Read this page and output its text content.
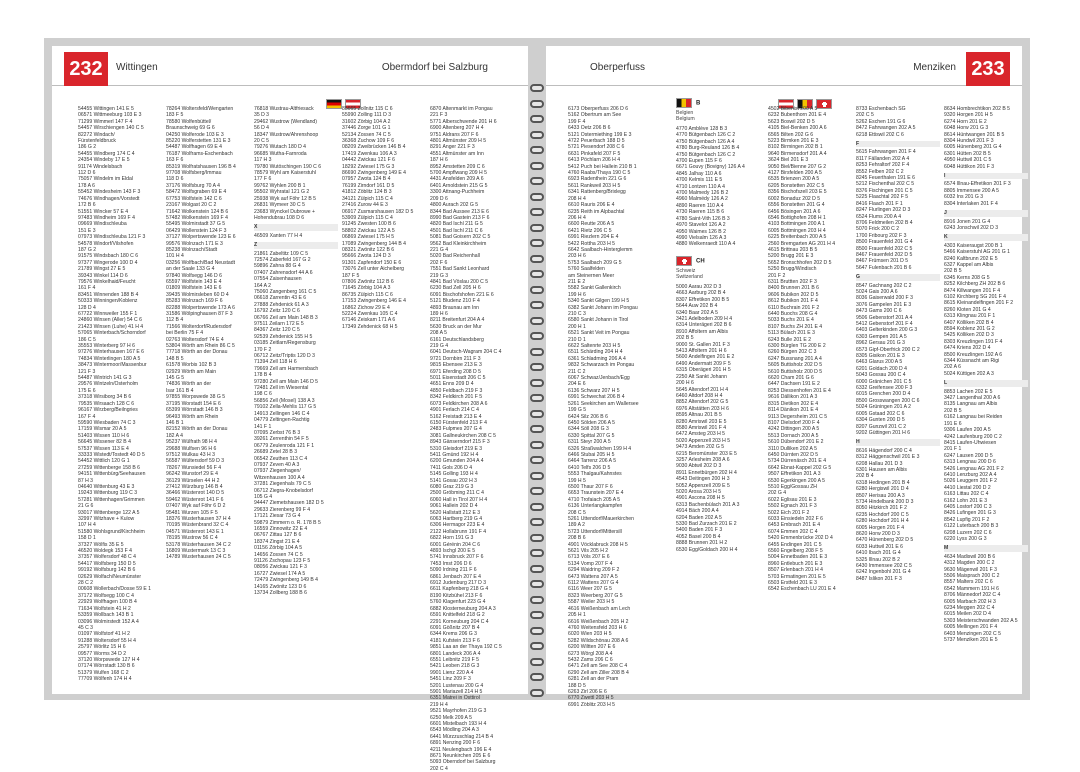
232	Wittingen	Obermdorf bei Salzburg
54455 Wittingen 141 E 5
06571 Wittmeeburg 103 E 3
71299 Wimmerl 147 F 4
54457 Wirschiengen 140 C 5
82272 Windach/
Fürstenfeldbruck
186 G 2
54455 Windberg 174 C 4
24354 Windeby 17 E 5
91174 Windelsbach
112 D 6
75057 Windelm im Eldal
178 A 6
55452 Windesheim 143 F 3
74676 Windhagen/Vorstedt
172 B 6
51551 Wincker 57 E 4
97483 Windheim 169 F 4
09669 Windischleuba
151 E 3
07973 Windischleuba 121 F 3
54578 Windorf/Vilshofen
187 G 2
91575 Windsbach 180 C 6
97377 Wingerode 100 D 4
21789 Wingst 27 E 5
39343 Winkel 114 D 6
79576 Winkelhaid/Feucht
161 F 4
83451 Winnenden 188 B 4
50333 Winningen/Koblenz
128 D 4
67722 Winnweiler 155 F 1
24860 Winsen (Aller) 54 C 6
21423 Winsen (Luhe) 41 H 4
57065 Winterbach/Schorndorf
186 C 5
35553 Winterberg 97 H 6
97276 Winterhausen 167 E 6
74834 Winterlingen 180 A 5
38473 Wintermoor/Massenbur
121 F 3
54487 Wintrich 141 G 3
29576 Wintzeln/Osterholm
175 E 6
37318 Wirsiborg 34 B 6
79535 Wirsaach 128 C 6
96167 Wirzberg/Beilngries
167 F 4
59590 Wiesbaden 74 C 3
17159 Wismar 20 A 5
51403 Wissen 110 H 6
56645 Wissener 82 B 4
57537 Wissen 113 E 4
33333 Wistedt/Tostedt 40 D 5
54452 Wittlich 120 G 1
27259 Wittenberge 158 B 6
94151 Wittenbürg/Seehausen
87 H 3
04640 Wittenburg 43 E 3
19243 Wittenburg 119 C 3
57281 Wittenhagen/Grimmen
21 G 6
93017 Wittenberge 122 A 5
32997 Witzhave + Kulow
107 H 4
51580 Wohlsgrund/Kirchheim
158 D 1
37327 Wölfis 35 E 5
46520 Woldegk 153 F 4
37357 Wolfersdorf 48 C 4
54417 Wolfsberg 150 D 5
99192 Wolfsburg 142 B 6
02629 Wolfach/Neumünster
28 C 2
00608 Wollerbach/Dosse 59 E 1
37172 Wolfsegg 100 C 4
22929 Wolfhagen 100 B 4
71634 Wolfstein 41 H 2
53359 Wollbach 143 B 1
03096 Wolmirstedt 152 A 4
45 C 3
01097 Wolfstorf 41 H 2
91288 Woltersdorf 55 H 4
25797 Wörlitz 15 H 6
09577 Worms 34 D 2
37120 Worpswede 127 H 4
07174 Wörrstadt 130 B 6
51379 Wulfen 168 C 2
77709 Wölfenh 174 H 4
78264 Woltersfeld/Wengarten
183 F 5
78580 Wolfenbüttel/
Braunschweig 69 G 6
04250 Wolferode 103 E 3
85220 Wolferstetten 131 E 3
54487 Wolfhagen 69 E 4
76187 Wolframs-Eschenbach
163 F 6
85319 Wolfratshausen 196 B 4
97708 Wolfsberg/Immau
118 D 6
37176 Wolfsburg 70 A 4
58472 Wolfsgraben 69 E 4
67753 Wolfstein 142 C 6
23167 Wolgast 20 C 2
71642 Wolkenstein 124 B 6
57482 Wolkenstein 169 F 4
55495 Wolmirstadt 37 G 5
06429 Wollenstein 124 F 3
37127 Wolpertswende 123 E 6
99576 Wolnzach 171 E 3
85238 Wolnzach/Stadt
101 H 4
03256 Wolfbach/Bad Neustadt
an der Saale 133 G 4
97840 Wolfsegg 146 D 6
65597 Wolfstein 143 E 4
01809 Wolfstein 143 E 6
39435 Wolmirsleben 60 D 4
85283 Wolnzach 169 F 6
82288 Wolpertswende 173 A 6
31586 Wölpinghausen 87 F 3
112 B 4
71566 Wolterdorf/Rudersdorf
bei Berlin 75 F 4
02763 Woltersdorf 74 E 4
53804 Wörth am Rhein 86 C 5
77718 Wörth an der Donau
148 B 5
61578 Worbis 102 B 3
02929 Wörth am Main
145 G 5
74836 Wörth an der
Isar 161 B 4
97855 Worpswede 38 G 5
37195 Worstadt 154 E 6
65399 Wörrstadt 146 B 3
96493 Wörth am Rhein
146 B 1
82152 Wörth an der Donau
182 A 4
95237 Wülfrath 98 H 4
29688 Wulfsen 96 H 6
97512 Wulkau 43 H 3
56587 Wültersdorf 59 D 3
78267 Wunsiedel 56 F 4
96242 Wunstorf 29 E 4
36129 Würselen 44 H 2
27412 Würzburg 146 B 4
36466 Wüstenrot 140 D 5
59462 Wüstenrot 141 F 6
07407 Wyk auf Föhr 6 D 2
95481 Wurzen 105 F 5
18376 Wusterhausen 37 H 4
70195 Wüstenbrand 32 C 4
04571 Wüstenrot 143 E 1
78195 Wustrow 56 C 4
53178 Wüsterhausen 34 C 2
16809 Wustermark 13 C 3
14789 Wusterhausen 24 C 5
76818 Wustrau-Altfriesack
35 D 3
29462 Wustrow (Wendland)
56 D 4
18347 Wustrow/Ahrenshoop
20 C 5
79276 Wutach 180 D 4
96685 Wutha-Farnroda
117 H 3
79780 Wutöschingen 190 C 6
78579 Wyhl am Kaiserstuhl
177 F 6
99762 Wyhlen 200 B 1
95502 Wyhratal 121 G 2
25938 Wyk auf Föhr 12 B 5
26831 Wymeer 30 C 5
23683 Wynckel Dubrowe +
Hohendubrau 108 D 6
X
46509 Xanten 77 H 4
Z
21861 Zabeltitz 109 C 5
72574 Zaberfeld 167 G 2
59896 Zahna 88 G 4
07407 Zahrensdorf 44 A 6
07554 Zaisenhausen
164 A 2
75060 Zangenberg 161 C 5
06618 Zarrentin 43 E 6
27888 Zehdenick 61 A 3
16792 Zeitz 120 C 6
06766 Zeil am Main 148 B 3
97511 Zeilarn 172 E 5
84367 Zeitz 120 C 5
92539 Zehdenick 155 H 5
03185 Zeitlarn/Regensburg
170 F 2
06712 Zeitz/Triptis 120 D 3
71394 Zell 118 H 6
79669 Zell am Harmersbach
178 B 4
97280 Zell am Main 146 D 5
72481 Zell im Wiesental
198 C 6
56856 Zell (Mosel) 138 A 3
79102 Zella-Mehlis 117 G 5
14913 Zellingen 146 C 4
04779 Zeltingen-Rachtig
141 F 1
07095 Zerbst 76 B 3
39261 Zerrenthin 54 F 5
06779 Zeulenroda 121 F 1
26689 Zetel 28 B 3
06542 Zeuthen 113 C 4
07937 Zeven 40 A 3
07937 Ziegenhagen/
Witzenhausen 100 A 4
37281 Ziegenhals 79 C 5
06712 Ziegra-Knobelsdorf
105 G 4
94447 Ziemetshausen 182 D 5
29633 Zierenberg 99 F 4
17121 Ziesar 73 G 4
59879 Zimmern o. R. 178 B 5
16559 Zinnowitz 22 E 4
06767 Zittau 127 B 6
18374 Zingst 21 E 4
01156 Zörbig 104 A 5
14656 Zossen 74 C 5
91126 Zschopau 123 F 5
08056 Zwickau 121 F 3
16727 Zwiesel 174 A 5
72479 Zwingenberg 149 B 4
14165 Zwönitz 123 D 6
13734 Zollberg 188 B 6
85665 Zollnitz 115 C 6
55990 Zolling 111 D 3
31602 Zörbig 104 A 2
37446 Zorge 101 G 1
52134 Zossen 74 C 5
36368 Zuchow 109 F 6
08209 Zweibrücken 146 B 4
17419 Zwenkau 106 A 3
04442 Zwickau 121 F 6
18292 Zwiesel 175 G 3
86690 Zwingenberg 149 E 4
07957 Zwota 124 B 4
76199 Zirndorf 161 D 5
41812 Zöblitz 124 B 3
34121 Zülpich 115 C 4
27416 Zurow 44 E 3
06917 Zusmarshausen 182 D 5
53909 Zülpich 115 C 4
91245 Zwesten 100 B 6
58802 Zwickau 122 A 5
06869 Zwiesel 175 H 5
17089 Zwingenberg 144 B 4
08321 Zwönitz 122 B 6
95666 Zwota 124 D 3
91301 Zapfendorf 150 E 6
73076 Zell unter Aichelberg
187 F 5
07806 Zwönitz 112 B 6
71645 Zörbig 104 A 3
86735 Zülpich 115 C 6
17153 Zwingenberg 146 E 4
16862 Zichow 29 E 4
52224 Zwenkau 105 C 4
67146 Zeiskam 171 A 6
17349 Zehdenick 68 H 5
6870 Altenmarkt im Pongau
221 F 3
5771 Alberschwende 201 H 6
6900 Altenberg 207 H 4
9751 Aldrans 207 F 6
4801 Altmünster 209 H 5
8291 Anger 221 F 3
4551 Altmünster am Inn
187 H 6
8952 Amstetten 209 C 6
5700 Ampflwang 209 H 5
4431 Ansfelden 209 A 6
6401 Arnoldstein 215 G 5
3300 Attnang-Puchheim
209 D 6
4800 Aurach 202 G 5
8344 Bad Aussee 213 E 6
8990 Bad Gastein 213 F 6
4820 Bad Ischl 211 G 5
4501 Bad Ischl 211 C 6
5081 Bad Goisern 202 C 5
9562 Bad Kleinkirchheim
221 G 4
5020 Bad Reichenhall
202 F 6
7551 Bad Sankt Leonhard
219 G 3
4841 Bad Vöslau 200 C 5
6230 Bad Zell 205 H 6
6091 Bischofshofen 221 E 6
5121 Bludenz 210 F 4
4893 Braunau am Inn
189 H 6
8211 Breitenfurt 204 A 4
5630 Bruck an der Mur
208 A 5
6161 Deutschlandsberg
219 G 4
6041 Deutsch-Wagram 204 C 4
9721 Dornbirn 211 F 3
9815 Ebensee 213 E 3
6971 Eferding 208 D 5
5011 Eisenstadt 206 C 5
4651 Enns 209 D 4
4850 Feldbach 219 F 3
8342 Feldkirch 201 F 5
6073 Feldkirchen 208 A 6
4901 Ferlach 214 C 4
5162 Freistadt 213 E 4
6150 Fürstenfeld 213 F 4
2483 Fulpmes 207 G 4
3081 Gallneukirchen 208 C 5
8943 Gänserndorf 215 F 3
5310 Gleisdorf 219 E 3
5411 Gmünd 192 H 4
6200 Gmunden 204 A 4
7411 Gols 206 D 4
5145 Golling 193 H 4
5141 Gosau 202 H 3
6080 Graz 219 G 3
2500 Gröbming 211 C 4
6060 Hall in Tirol 207 H 4
9061 Hallein 202 D 4
5620 Hallstatt 212 E 3
6063 Hartberg 219 G 4
6306 Hermagor 223 E 4
2122 Hollabrunn 191 F 4
6822 Horn 191 G 3
6001 Gérénin 204 C 6
4893 Ischgl 200 E 5
5741 Innsbruck 207 F 6
7453 Imst 206 D 6
5090 Irdning 211 F 6
6861 Jenbach 207 E 4
6912 Judenburg 217 D 3
6611 Kapfenberg 218 G 4
8190 Kitzbühel 213 F 6
5760 Klagenfurt 223 G 4
6882 Klosterneuburg 204 A 3
6591 Knittelfeld 218 G 2
2291 Korneuburg 204 C 4
6091 Gößnitz 207 B 4
6344 Krems 206 G 3
4181 Kufstein 213 F 6
9851 Laa an der Thaya 192 C 5
6801 Landeck 206 A 4
6551 Leibnitz 219 F 5
5421 Leoben 218 G 3
9901 Lienz 220 A 4
5451 Linz 209 F 3
5201 Lustenau 200 G 4
5901 Mariazell 214 H 5
6351 Matrei in Osttirol
219 H 4
9521 Mayrhofen 219 G 3
6250 Melk 209 A 5
6601 Mistelbach 193 H 4
6543 Mödling 204 A 3
6441 Mürzzuschlag 214 B 4
6891 Nenzing 200 F 6
4211 Neulengbach 196 E 4
8671 Neunkirchen 205 E 6
5093 Oberndorf bei Salzburg
202 C 4
Oberperfuss	Menziken 233
6173 Oberperfuss 206 D 6
5162 Obertrum am See
199 F 4
6433 Oetz 206 B 6
5121 Ostermiething 199 E 3
4722 Peuerbach 188 D 5
5721 Piesendorf 208 C 6
6631 Pinkafeld 207 F 5
6413 Pöchlarn 206 H 4
5412 Puch bei Hallein 210 B 1
4760 Raabs/Thaya 190 C 5
6923 Radenthein 221 G 6
5611 Rankweil 203 H 5
6341 Rattenberg/Brixlegg
208 H 4
6610 Rauris 206 E 4
6235 Reith im Alpbachtal
206 H 4
6600 Reutte 206 A 5
6421 Rietz 206 C 5
6991 Riezlern 204 E 4
5422 Rottha 203 H 5
6642 Saalbach-Hinterglemm
203 H 6
5753 Saalbach 209 G 5
5760 Saalfelden
am Steinernen Meer
211 E 2
5582 Sankt Gallenkirch
199 H 6
5340 Sankt Gilgen 199 H 5
6382 Sankt Johann im Pongau
210 C 3
6580 Sankt Johann in Tirol
200 H 1
6521 Sankt Veit im Pongau
210 D 1
6622 Saltenrte 203 H 5
6511 Schärding 204 H 4
6361 Schladming 206 A 4
9832 Schwarzach im Pongau
211 C 2
6067 Schwaz/Jenbach/Egg
204 E 6
6136 Schwarz 207 H 5
6991 Schwechat 206 B 4
5261 Seekirchen am Wallersee
199 G 5
6424 Silz 206 B 6
6450 Sölden 206 A 5
6344 Söll 208 G 3
6330 Spittal 207 G 5
6311 Steyr 200 A 5
6326 Straßwalchen 199 H 4
6466 Stubai 205 H 5
6464 Tarrenz 206 A 5
6410 Telfs 206 D 5
5553 Thalgau/Kahnstes
199 H 5
6500 Thaur 207 F 6
6653 Traunstein 207 E 4
4710 Trofaiach 205 A 5
6136 Unterlangkampfen
208 C 5
5261 Uttendorf/Mauerkirchen
189 A 2
5723 Uttendorf/Mittersill
208 B 6
4901 Vöcklabruck 208 H 5
5621 Vils 205 H 2
6713 Völs 207 E 6
5134 Vomp 207 F 4
6294 Waidring 209 F 2
6473 Wattens 207 A 5
6112 Wattens 207 G 4
6116 Weer 207 G 5
8323 Weerberg 207 G 5
5587 Weiler 203 H 5
4616 Weißenbach am Lech
205 H 1
6616 Weißenbach 205 H 2
4760 Weitensfeld 203 H 6
6020 Wien 203 H 5
5282 Wildschönau 208 A 6
6200 Wiltten 207 E 6
6273 Wörgl 208 A 4
5432 Zams 206 C 6
6471 Zell am See 208 C 4
6290 Zell am Ziller 208 B 4
6281 Zell an der Pram
188 D 5
6263 Zirl 206 E 6
6770 Zwettl 203 H 5
6991 Zöblitz 203 H 5
B
Belgien
Belgium
4770 Amblève 128 B 3
4770 Bütgenbach 126 C 2
4750 Bütgenbach 126 A 4
4780 Burg-Reuland 126 B 4
4750 Bütgenbach 126 C 2
4700 Eupen 115 F 6
6671 Gouvy (Bovigny) 126 A 4
4845 Jalhay 110 A 6
4700 Kelmis 111 E 5
4710 Lontzen 110 A 4
4700 Malmedy 126 B 2
4960 Malmédy 126 A 2
4890 Raeren 110 A 4
4730 Raeren 115 B 6
4780 Saint-Vith 126 B 3
4970 Stavelot 126 A 2
4950 Waimes 126 B 2
4990 Vielsalm 126 A 3
4880 Welkenraedt 110 A 4
CH
Schweiz
Switzerland
5000 Aarau 202 D 3
4663 Aarburg 202 B 4
8307 Effretikon 200 B 5
5644 Auw 202 B 4
6340 Baar 202 A 5
3421 Adelboden 209 H 4
6314 Unterägeri 202 B 6
8910 Affoltern am Albis
202 B 5
9000 St. Gallen 201 F 3
5413 Affoltern 201 H 6
5600 Andelfingen 201 E 2
6490 Andermatt 209 F 5
6315 Oberägeri 201 H 5
2250 Alt Sankt Johann
200 H 6
5645 Altendorf 201 H 4
6460 Altdorf 208 H 4
8852 Altendorf 202 G 5
6976 Altstätten 203 H 6
8595 Altnau 201 B 5
8280 Amriswil 203 E 5
8580 Amriswil 201 F 4
6472 Amsteg 203 H 5
5020 Appenzell 203 H 5
9473 Amden 202 G 5
6215 Beromünster 203 E 5
3257 Arlesheim 208 A 6
9030 Abtwil 202 D 3
8911 Ennetbürgen 202 H 4
4543 Deitingen 200 H 3
5052 Appenzell 209 E 5
5020 Arosa 203 H 5
4901 Ascona 208 H 5
6313 Bachenbülach 201 A 3
4914 Bäch 200 A 4
6204 Baden 202 A 5
5330 Bad Zurzach 201 E 2
5400 Baden 201 F 3
4052 Basel 200 B 4
8888 Brunnen 201 H 2
6530 Egg/Goldach 200 H 4
4502 Bibenist 200 A 5
6232 Bubenthorn 201 E 4
5623 Boswil 202 D 5
4105 Biel-Benken 200 A 6
6565 Bilten 202 G 6
5223 Birmken 201 E 3
8102 Birmingen 202 B 1
9640 Birmensdorf 201 A 4
3624 Biel 201 E 3
9050 Biel/Bienne 207 G 2
4127 Birsfelden 200 A 5
6535 Brienzen 200 A 5
6205 Bonstetten 202 C 5
8356 Bischofszell 203 E 5
6002 Bonaduz 202 D 5
6556 Bonstetten 201 G 4
6456 Bösingen 201 A 6
6546 Bottighofen 208 H 1
4103 Bottmingen 200 A 1
6005 Bottmingen 203 H 4
6225 Breitenbach 200 A 5
2560 Bremgarten AG 201 H 4
4615 Brittnau 203 B 5
5200 Brugg 201 E 3
5652 Bronschhofen 202 D 5
5250 Brugg/Windisch
201 F 2
6311 Bruttten 202 F 3
8400 Brunnen 201 B 6
9606 Bubikon 202 D 5
8612 Bubikon 201 F 4
6110 Buchrain 201 F 2
6440 Buochs 208 G 4
5033 Buchs 201 E 4
8107 Buchs ZH 201 E 4
5113 Bülach 201 E 3
6243 Bulle 201 E 2
6300 Bürglen TG 200 E 2
6260 Bürgen 202 C 3
6247 Bussnang 201 A 4
5605 Buttisholz 202 D 5
5610 Buttisholz 200 D 5
6620 Cham 201 G 6
6447 Dachsen 191 E 2
8253 Diessenhofen 201 E 4
9616 Dällikon 201 A 3
8315 Dietikon 202 E 4
8114 Dänikon 201 E 4
9113 Degersheim 201 C 5
8107 Dielsdorf 200 F 4
4242 Dittingen 200 A 5
5513 Dornach 200 A 5
5610 Dübendorf 201 E 2
3110 Dulliken 202 A 5
6450 Dürnten 202 D 5
5734 Dürrenäsch 201 E 4
6642 Ebnat-Kappel 202 G 5
9507 Effretikon 201 A 3
6530 Egerkingen 200 A 5
5510 Egg/Gossau ZH
202 G 4
6022 Eglisau 201 E 3
5502 Egnach 201 F 3
5022 Eich 201 F 2
6033 Einsiedeln 202 F 6
6453 Embrach 201 E 4
6074 Emmen 202 C 4
5420 Emmenbrücke 202 D 4
6455 Endingen 201 C 5
6560 Engelberg 208 F 5
5004 Ennetbaden 201 E 3
8960 Entlebuch 201 E 3
8507 Erlenbach 201 H 4
5703 Ermatingen 201 E 5
6503 Erstfeld 201 E 3
6542 Eschenbach LU 201 E 4
8733 Eschenbach SG
202 C 5
5262 Eschen 191 G 6
8472 Fahrwangen 202 A 5
6218 Ettiswil 202 C 6
F
5615 Fahrwangen 201 F 4
8117 Fällanden 202 A 4
8253 Fehraltorf 202 F 4
8552 Felben 202 C 2
8245 Feuerthalen 191 E 6
5212 Fischenthal 202 C 5
8376 Fischingen 201 C 5
5225 Flaachtal 202 F 5
8416 Flaach 201 F 1
8247 Flurlingen 202 D 3
6524 Flums 200 A 4
8706 Feldmeilen 202 B 4
5070 Frick 200 C 2
1700 Fribourg 202 F 3
8500 Frauenfeld 201 G 4
8500 Frauenfeld 202 C 5
8467 Frauenfeld 202 D 5
8467 Frümsen 201 D 5
5647 Fulenbach 201 B 6
G
8547 Gachnang 202 C 2
5024 Gais 200 A 6
8036 Gaiserwald 200 F 3
3076 Gampelen 201 E 3
8473 Gams 200 C 6
9506 Gebenstorf 201 A 4
5412 Gebenstorf 201 F 4
6403 Gelterkinden 200 G 3
6303 Gempen 201 A 5
8962 Gersau 201 G 3
6573 Gipf-Oberfrick 200 C 2
8305 Gisikon 201 E 3
6463 Glarus 200 A 5
6201 Goldach 200 D 4
5043 Gossau 200 C 4
6000 Gränichen 201 C 5
6332 Greifensee 200 F 3
6015 Grenchen 200 D 4
8500 Grosswangen 200 C 6
5024 Grüningen 201 A 2
6005 Gstaad 202 C 6
6304 Gunten 200 D 5
8207 Gunzwil 201 C 2
9202 Güttingen 201 H 6
H
8616 Hägendorf 200 C 4
8312 Häggenschwil 201 E 3
6208 Hallau 201 D 3
6301 Hausen am Albis
202 B 4
6318 Hedingen 201 B 4
6280 Hergiswil 201 D 4
8507 Herisau 200 A 3
5734 Hindelbank 200 D 3
8050 Hitzkirch 201 F 2
6235 Hochdorf 200 C 5
6280 Hochdorf 201 H 4
6005 Horgen 201 F 4
8620 Horw 200 D 3
6470 Hünenberg 202 D 5
6033 Huttwil 201 E 6
6410 Ibach 201 G 4
5325 Illnau 202 B 2
6430 Immensee 202 C 5
6242 Ingenbohl 201 G 4
8487 Islikon 201 F 3
8634 Hombrechtikon 202 B 5
9320 Horgen 201 H 5
6274 Horn 201 E 2
6048 Horw 201 G 3
8614 Hüntwangen 201 B 5
8304 Hundwil 201 F 3
6005 Hünenberg 201 G 4
6301 Hütten 202 B 5
4950 Huttwil 201 C 5
6048 Hüttikon 201 F 3
I
6574 Illnau-Effretikon 201 F 3
8805 Immensee 200 A 5
6032 Ins 201 G 3
8304 Interlaken 201 F 4
J
8916 Jonen 201 G 4
6243 Jonschwil 202 D 3
K
4303 Kaiseraugst 200 B 1
5466 Kaiserstuhl AG 201 G 1
8240 Kaltbrunn 202 E 5
6327 Kappel am Albis
202 B 5
6345 Kerns 208 G 5
8252 Kilchberg ZH 202 B 6
8474 Killwangen 201 F 4
6102 Kirchberg SG 201 F 4
8615 Kleinandelfingen 201 F 2
8260 Kloten 201 G 4
6313 Klingnau 201 F 1
6407 Kölliken 202 B 4
8594 Koblenz 201 G 2
5425 Kölliken 202 D 3
8303 Kreuzlingen 191 F 4
6474 Kriens 202 D 4
8500 Kreuzlingen 192 A 6
6344 Küssnacht am Rigi
202 A 6
5024 Küttigen 202 A 3
L
8853 Lachen 202 E 5
3427 Langenthal 200 A 6
8135 Langnau am Albis
202 B 5
6162 Langnau bei Reiden
191 E 6
9306 Laufen 200 A 5
4242 Laufenburg 200 C 2
8415 Laufen-Uhwiesen
201 F 1
6247 Lausen 200 D 5
6313 Lengnau 200 D 6
5426 Lengnau AG 201 F 2
6410 Lenzburg 202 A 4
5026 Leuggern 201 F 2
4410 Liestal 200 D 2
6163 Littau 202 C 4
6162 Lohn 201 E 3
6405 Lostorf 200 C 3
8426 Lufingen 201 G 3
8542 Lupfig 201 F 2
6122 Luterbach 200 B 3
6208 Luzern 202 C 6
6220 Lyss 200 G 3
M
4634 Madiswil 200 B 6
4312 Magden 200 C 2
9630 Mägenwil 201 F 3
5506 Maisprach 200 C 2
8557 Malters 202 C 6
6542 Mammern 191 H 6
8706 Männedorf 202 C 4
6005 Marbach 202 H 3
6234 Meggen 202 C 4
6015 Meilen 202 D 4
5303 Meisterschwanden 202 A 5
6005 Mellingen 201 F 4
6403 Menzingen 202 C 5
5737 Menziken 201 E 5
